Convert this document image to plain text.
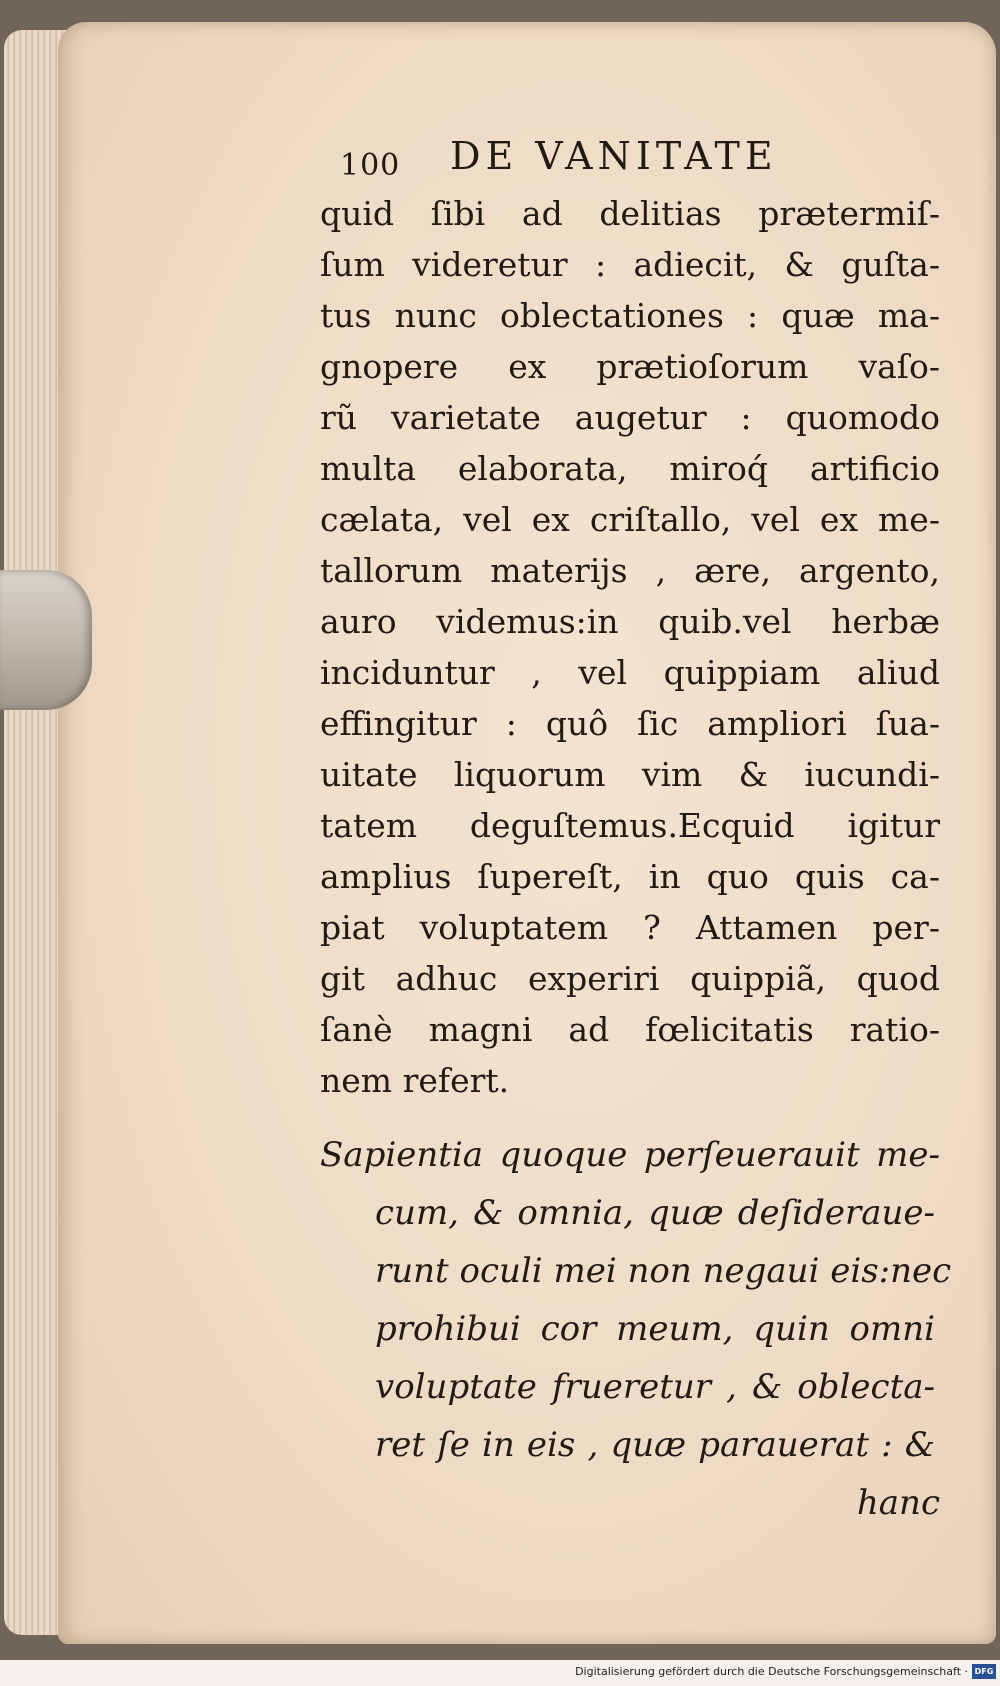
100 DE VANITATE
quid ſibi ad delitias prætermiſ-
ſum videretur : adiecit, & guſta-
tus nunc oblectationes : quæ ma-
gnopere ex prætioſorum vaſo-
rũ varietate augetur : quomodo
multa elaborata, miroq́ artificio
cælata, vel ex criſtallo, vel ex me-
tallorum materijs , ære, argento,
auro videmus:in quib.vel herbæ
inciduntur , vel quippiam aliud
effingitur : quô ſic ampliori ſua-
uitate liquorum vim & iucundi-
tatem deguſtemus.Ecquid igitur
amplius ſupereſt, in quo quis ca-
piat voluptatem ? Attamen per-
git adhuc experiri quippiã, quod
ſanè magni ad fœlicitatis ratio-
nem refert.
Sapientia quoque perſeuerauit me-
cum, & omnia, quæ deſideraue-
runt oculi mei non negaui eis:nec
prohibui cor meum, quin omni
voluptate frueretur , & oblecta-
ret ſe in eis , quæ parauerat : &
hanc
Digitalisierung gefördert durch die Deutsche Forschungsgemeinschaft · DFG
